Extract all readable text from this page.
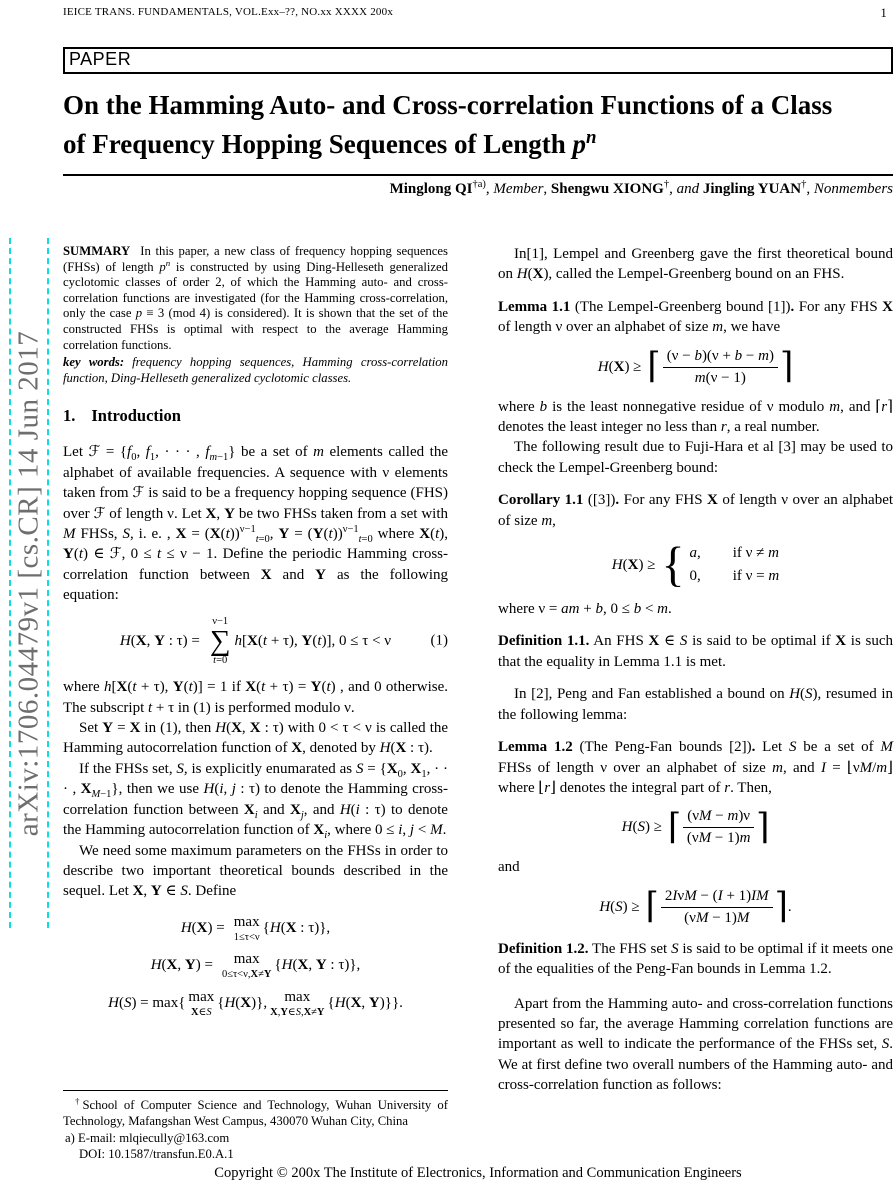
arXiv:1706.04479v1 [cs.CR] 14 Jun 2017
IEICE TRANS. FUNDAMENTALS, VOL.Exx–??, NO.xx XXXX 200x	1
PAPER
On the Hamming Auto- and Cross-correlation Functions of a Class
of Frequency Hopping Sequences of Length $p^n$
Minglong QI$^{\dagger a)}$, Member, Shengwu XIONG†, and Jingling YUAN†, Nonmembers

SUMMARY In this paper, a new class of frequency hopping sequences (FHSs) of length $p^n$ is constructed by using Ding-Helleseth generalized cyclotomic classes of order 2, of which the Hamming auto- and cross-correlation functions are investigated (for the Hamming cross-correlation, only the case p ≡ 3 (mod 4) is considered). It is shown that the set of the constructed FHSs is optimal with respect to the average Hamming correlation functions.

key words: frequency hopping sequences, Hamming cross-correlation function, Ding-Helleseth generalized cyclotomic classes.

1. Introduction

Let ℱ = {$f_0$, $f_1$, · · · , $f_{m-1}$} be a set of m elements called the alphabet of available frequencies. A sequence with ν elements taken from ℱ is said to be a frequency hopping sequence (FHS) over ℱ of length ν. Let X, Y be two FHSs taken from a set with M FHSs, S, i. e. , $X = (X(t))^{\nu-1}_{t=0}$, $Y = (Y(t))^{\nu-1}_{t=0}$ where X(t), Y(t) ∈ ℱ, 0 ≤ t ≤ ν − 1. Define the periodic Hamming cross-correlation function between X and Y as the following equation:

H(X, Y : τ) =
ν−1
∑
t=0
h[X(t + τ), Y(t)], 0 ≤ τ < ν	(1)

where h[X(t + τ), Y(t)] = 1 if X(t + τ) = Y(t) , and 0 otherwise. The subscript t + τ in (1) is performed modulo ν.

Set Y = X in (1), then H(X, X : τ) with 0 < τ < ν is called the Hamming autocorrelation function of X, denoted by H(X : τ).

If the FHSs set, S, is explicitly enumarated as $S = \{X_0$, $X_1$, · · · , $X_{M-1}$}, then we use H(i, j : τ) to denote the Hamming cross-correlation function between $X_i$ and $X_j$, and H(i : τ) to denote the Hamming autocorrelation function of $X_i$, where 0 ≤ i, j < M.

We need some maximum parameters on the FHSs in order to describe two important theoretical bounds described in the sequel. Let X, Y ∈ S. Define

H(X) = max
1≤τ<ν
{H(X : τ)},
H(X, Y) = max
0≤τ<ν,X≠Y
{H(X, Y : τ)},
H(S) = max{ max
X∈S
{H(X)}, max
X,Y∈S,X≠Y
{H(X, Y)}}.

†School of Computer Science and Technology, Wuhan University of Technology, Mafangshan West Campus, 430070 Wuhan City, China

a) E-mail: mlqiecully@163.com

DOI: 10.1587/transfun.E0.A.1

In[1], Lempel and Greenberg gave the first theoretical bound on H(X), called the Lempel-Greenberg bound on an FHS.

Lemma 1.1 (The Lempel-Greenberg bound [1]). For any FHS X of length ν over an alphabet of size m, we have

H(X) ≥ ⌈ $\frac{(\nu - b)(\nu + b - m)}{m(\nu - 1)}$ ⌉

where b is the least nonnegative residue of ν modulo m, and ⌈r⌉ denotes the least integer no less than r, a real number.

The following result due to Fuji-Hara et al [3] may be used to check the Lempel-Greenberg bound:

Corollary 1.1 ([3]). For any FHS X of length ν over an alphabet of size m,

H(X) ≥ { a, if ν ≠ m
0, if ν = m

where ν = am + b, 0 ≤ b < m.

Definition 1.1. An FHS X ∈ S is said to be optimal if X is such that the equality in Lemma 1.1 is met.

In [2], Peng and Fan established a bound on H(S), resumed in the following lemma:

Lemma 1.2 (The Peng-Fan bounds [2]). Let S be a set of M FHSs of length ν over an alphabet of size m, and I = ⌊νM/m⌋ where ⌊r⌋ denotes the integral part of r. Then,

H(S) ≥ ⌈ $\frac{(\nu M - m)\nu}{(\nu M - 1)m}$ ⌉

and

H(S) ≥ ⌈ $\frac{\text{2IνM − (I + 1)IM}}{(\nu M - 1)M}$ ⌉ .

Definition 1.2. The FHS set S is said to be optimal if it meets one of the equalities of the Peng-Fan bounds in Lemma 1.2.

Apart from the Hamming auto- and cross-correlation functions presented so far, the average Hamming correlation functions are important as well to indicate the performance of the FHSs set, S. We at first define two overall numbers of the Hamming auto- and cross-correlation function as follows:

Copyright © 200x The Institute of Electronics, Information and Communication Engineers
